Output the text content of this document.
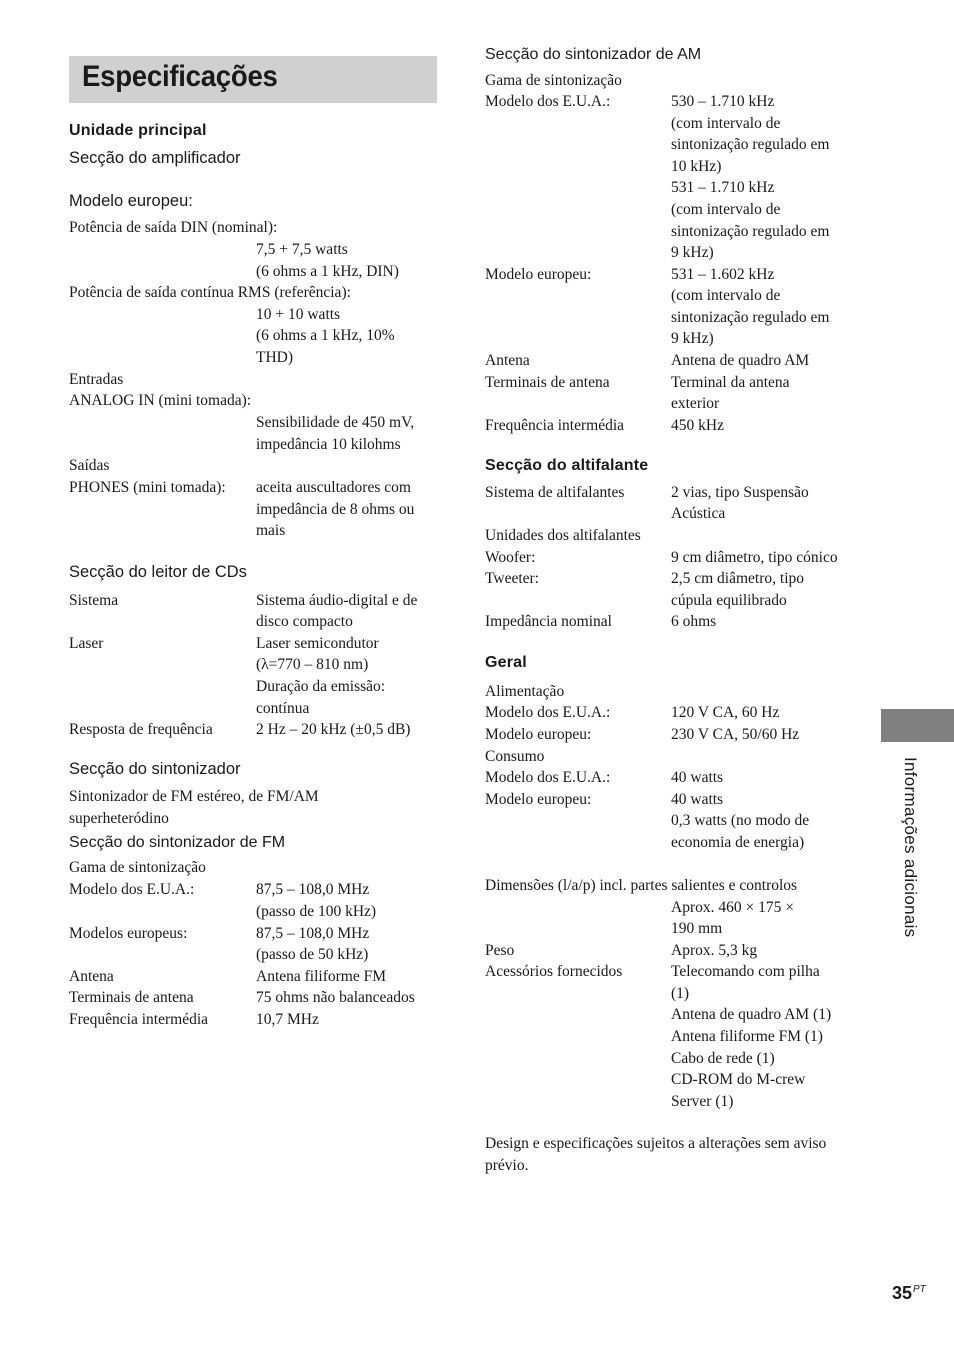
Especificações
Unidade principal
Secção do amplificador
Modelo europeu:
Potência de saída DIN (nominal):
7,5 + 7,5 watts
(6 ohms a 1 kHz, DIN)
Potência de saída contínua RMS (referência):
10 + 10 watts
(6 ohms a 1 kHz, 10%
THD)
Entradas
ANALOG IN (mini tomada):
Sensibilidade de 450 mV,
impedância 10 kilohms
Saídas
PHONES (mini tomada): aceita auscultadores com
impedância de 8 ohms ou
mais
Secção do leitor de CDs
Sistema	Sistema áudio-digital e de
disco compacto
Laser	Laser semicondutor
(λ=770 – 810 nm)
Duração da emissão:
contínua
Resposta de frequência	2 Hz – 20 kHz (±0,5 dB)
Secção do sintonizador
Sintonizador de FM estéreo, de FM/AM
superheteródino
Secção do sintonizador de FM
Gama de sintonização
Modelo dos E.U.A.:	87,5 – 108,0 MHz
(passo de 100 kHz)
Modelos europeus:	87,5 – 108,0 MHz
(passo de 50 kHz)
Antena	Antena filiforme FM
Terminais de antena	75 ohms não balanceados
Frequência intermédia	10,7 MHz
Secção do sintonizador de AM
Gama de sintonização
Modelo dos E.U.A.:	530 – 1.710 kHz
(com intervalo de
sintonização regulado em
10 kHz)
531 – 1.710 kHz
(com intervalo de
sintonização regulado em
9 kHz)
Modelo europeu:	531 – 1.602 kHz
(com intervalo de
sintonização regulado em
9 kHz)
Antena	Antena de quadro AM
Terminais de antena	Terminal da antena
exterior
Frequência intermédia	450 kHz
Secção do altifalante
Sistema de altifalantes	2 vias, tipo Suspensão
Acústica
Unidades dos altifalantes
Woofer:	9 cm diâmetro, tipo cónico
Tweeter:	2,5 cm diâmetro, tipo
cúpula equilibrado
Impedância nominal	6 ohms
Geral
Alimentação
Modelo dos E.U.A.:	120 V CA, 60 Hz
Modelo europeu:	230 V CA, 50/60 Hz
Consumo
Modelo dos E.U.A.:	40 watts
Modelo europeu:	40 watts
0,3 watts (no modo de
economia de energia)
Dimensões (l/a/p) incl. partes salientes e controlos
Aprox. 460 × 175 ×
190 mm
Peso	Aprox. 5,3 kg
Acessórios fornecidos	Telecomando com pilha
(1)
Antena de quadro AM (1)
Antena filiforme FM (1)
Cabo de rede (1)
CD-ROM do M-crew
Server (1)
Design e especificações sujeitos a alterações sem aviso
prévio.
Informações adicionais
35 PT
